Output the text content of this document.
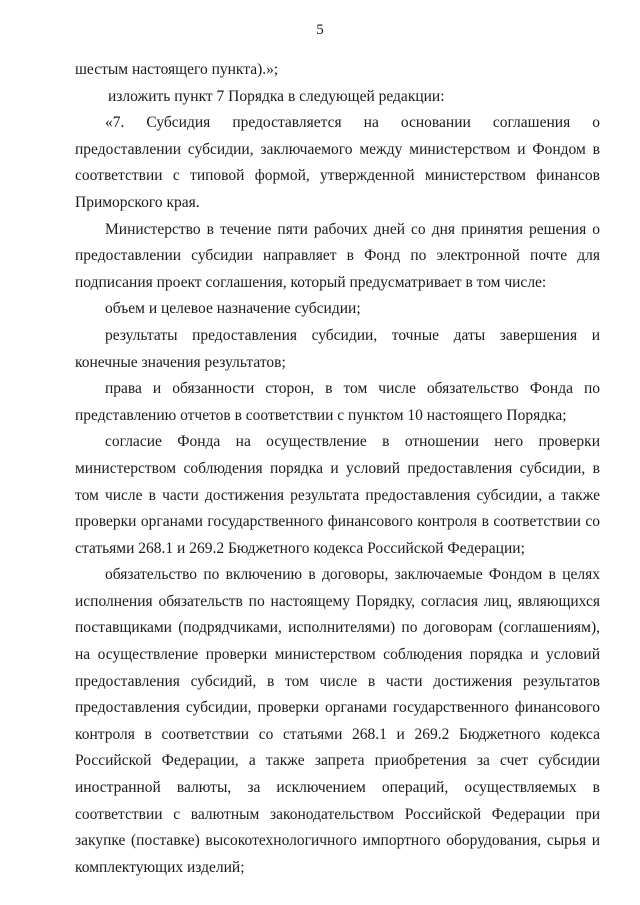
5

шестым настоящего пункта).»;

изложить пункт 7 Порядка в следующей редакции:

«7. Субсидия предоставляется на основании соглашения о предоставлении субсидии, заключаемого между министерством и Фондом в соответствии с типовой формой, утвержденной министерством финансов Приморского края.

Министерство в течение пяти рабочих дней со дня принятия решения о предоставлении субсидии направляет в Фонд по электронной почте для подписания проект соглашения, который предусматривает в том числе:

объем и целевое назначение субсидии;

результаты предоставления субсидии, точные даты завершения и конечные значения результатов;

права и обязанности сторон, в том числе обязательство Фонда по представлению отчетов в соответствии с пунктом 10 настоящего Порядка;

согласие Фонда на осуществление в отношении него проверки министерством соблюдения порядка и условий предоставления субсидии, в том числе в части достижения результата предоставления субсидии, а также проверки органами государственного финансового контроля в соответствии со статьями 268.1 и 269.2 Бюджетного кодекса Российской Федерации;

обязательство по включению в договоры, заключаемые Фондом в целях исполнения обязательств по настоящему Порядку, согласия лиц, являющихся поставщиками (подрядчиками, исполнителями) по договорам (соглашениям), на осуществление проверки министерством соблюдения порядка и условий предоставления субсидий, в том числе в части достижения результатов предоставления субсидии, проверки органами государственного финансового контроля в соответствии со статьями 268.1 и 269.2 Бюджетного кодекса Российской Федерации, а также запрета приобретения за счет субсидии иностранной валюты, за исключением операций, осуществляемых в соответствии с валютным законодательством Российской Федерации при закупке (поставке) высокотехнологичного импортного оборудования, сырья и комплектующих изделий;
